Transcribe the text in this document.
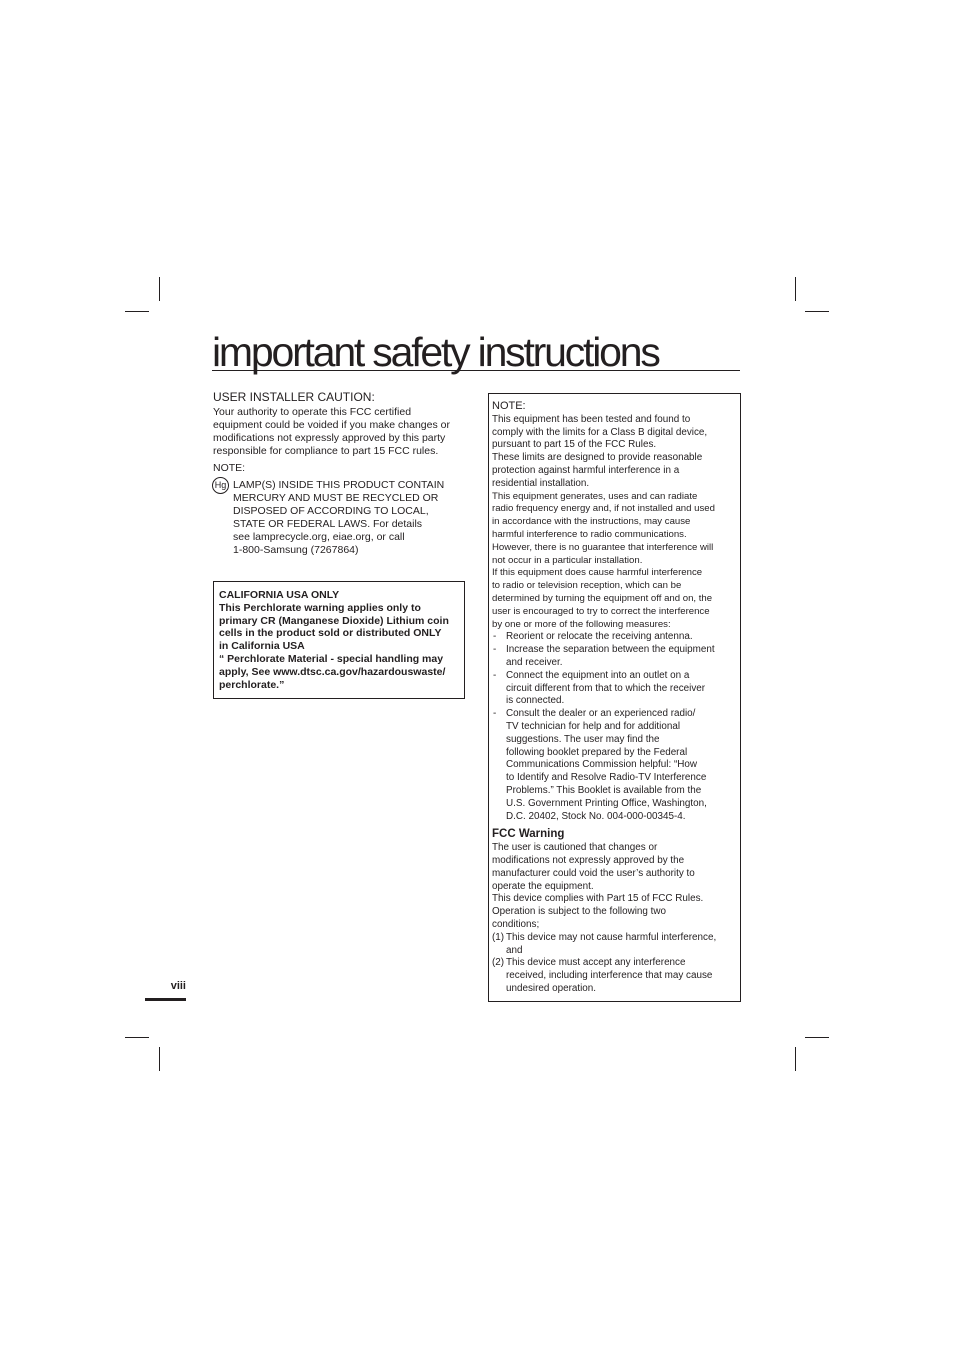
important safety instructions

USER INSTALLER CAUTION:

Your authority to operate this FCC certified
equipment could be voided if you make changes or
modifications not expressly approved by this party
responsible for compliance to part 15 FCC rules.

NOTE:

Hg LAMP(S) INSIDE THIS PRODUCT CONTAIN
MERCURY AND MUST BE RECYCLED OR
DISPOSED OF ACCORDING TO LOCAL,
STATE OR FEDERAL LAWS. For details
see lamprecycle.org, eiae.org, or call
1-800-Samsung (7267864)

CALIFORNIA USA ONLY
This Perchlorate warning applies only to
primary CR (Manganese Dioxide) Lithium coin
cells in the product sold or distributed ONLY
in California USA
“ Perchlorate Material - special handling may
apply, See www.dtsc.ca.gov/hazardouswaste/
perchlorate.”

NOTE:

This equipment has been tested and found to
comply with the limits for a Class B digital device,
pursuant to part 15 of the FCC Rules.
These limits are designed to provide reasonable
protection against harmful interference in a
residential installation.

This equipment generates, uses and can radiate
radio frequency energy and, if not installed and used
in accordance with the instructions, may cause
harmful interference to radio communications.
However, there is no guarantee that interference will
not occur in a particular installation.
If this equipment does cause harmful interference
to radio or television reception, which can be
determined by turning the equipment off and on, the
user is encouraged to try to correct the interference
by one or more of the following measures:

- Reorient or relocate the receiving antenna.
- Increase the separation between the equipment
and receiver.
- Connect the equipment into an outlet on a
circuit different from that to which the receiver
is connected.
- Consult the dealer or an experienced radio/
TV technician for help and for additional
suggestions. The user may find the
following booklet prepared by the Federal
Communications Commission helpful: “How
to Identify and Resolve Radio-TV Interference
Problems.” This Booklet is available from the
U.S. Government Printing Office, Washington,
D.C. 20402, Stock No. 004-000-00345-4.

FCC Warning

The user is cautioned that changes or
modifications not expressly approved by the
manufacturer could void the user’s authority to
operate the equipment.
This device complies with Part 15 of FCC Rules.
Operation is subject to the following two
conditions;

(1) This device may not cause harmful interference,
and
(2) This device must accept any interference
received, including interference that may cause
undesired operation.
viii
